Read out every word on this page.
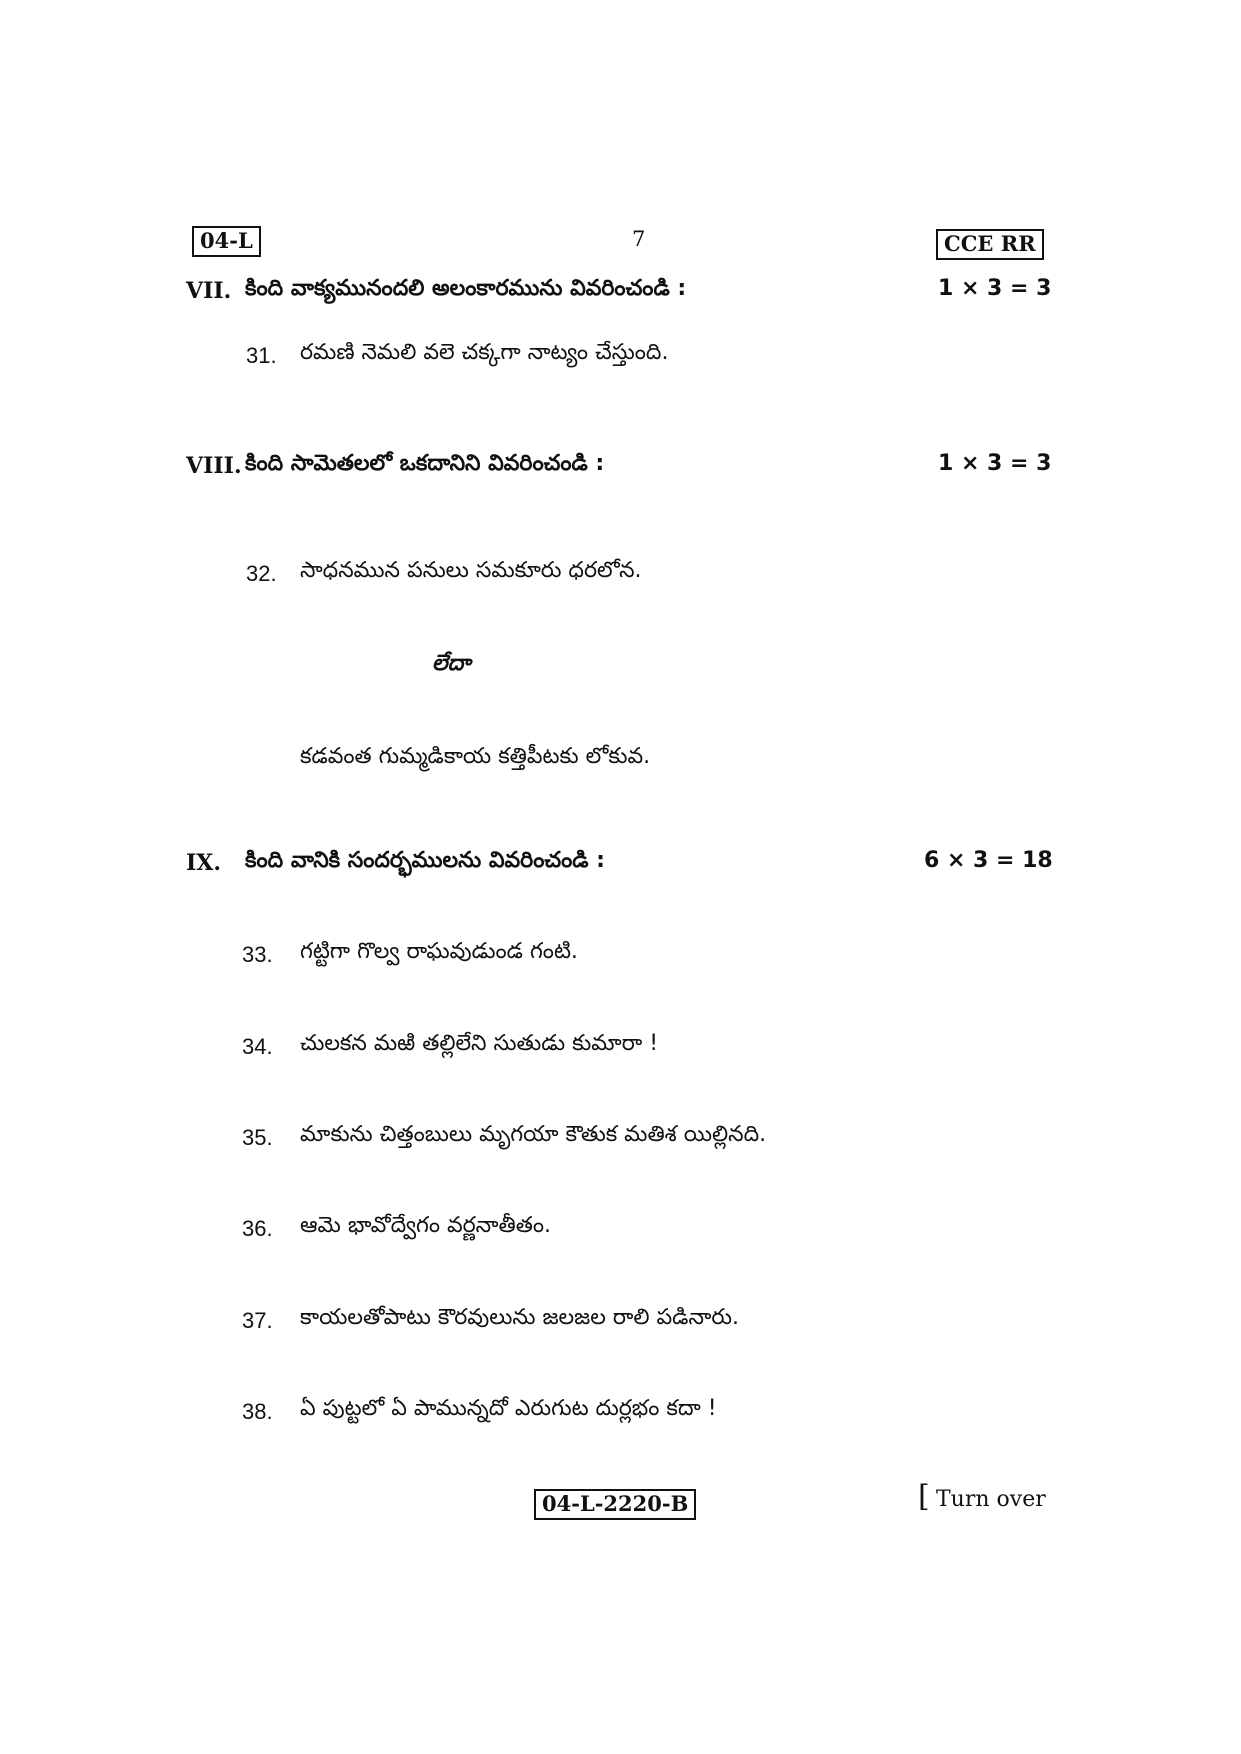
04-L	7	CCE RR
VII. కింది వాక్యమునందలి అలంకారమును వివరించండి :	1 × 3 = 3
31. రమణి నెమలి వలె చక్కగా నాట్యం చేస్తుంది.
VIII. కింది సామెతలలో ఒకదానిని వివరించండి :	1 × 3 = 3
32. సాధనమున పనులు సమకూరు ధరలోన.
లేదా
కడవంత గుమ్మడికాయ కత్తిపీటకు లోకువ.
IX. కింది వానికి సందర్భములను వివరించండి :	6 × 3 = 18
33. గట్టిగా గొల్వ రాఘవుడుండ గంటి.
34. చులకన మఱి తల్లిలేని సుతుడు కుమారా !
35. మాకును చిత్తంబులు మృగయా కౌతుక మతిశ యిల్లినది.
36. ఆమె భావోద్వేగం వర్ణనాతీతం.
37. కాయలతోపాటు కౌరవులును జలజల రాలి పడినారు.
38. ఏ పుట్టలో ఏ పామున్నదో ఎరుగుట దుర్లభం కదా !
04-L-2220-B	[ Turn over
